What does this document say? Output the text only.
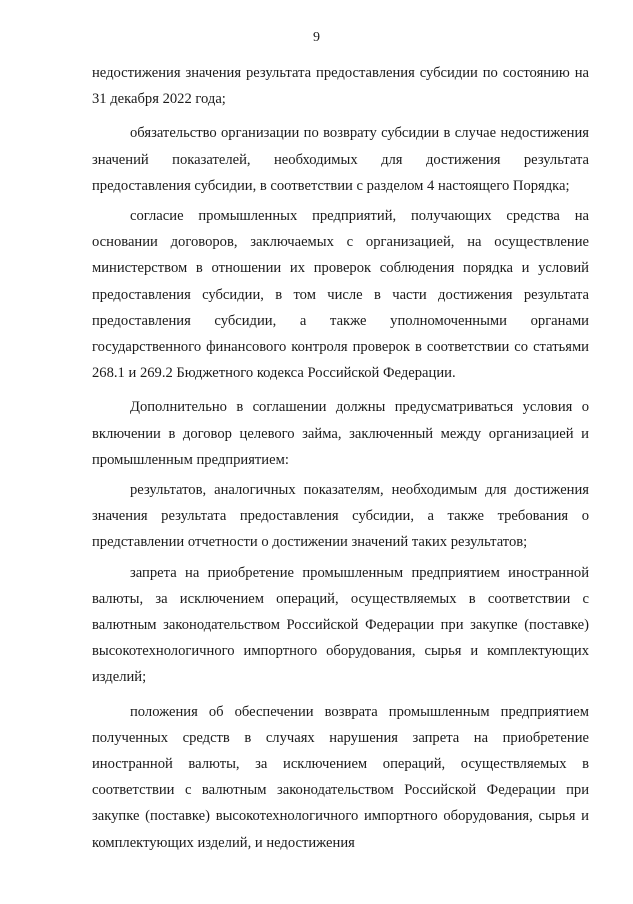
9

недостижения значения результата предоставления субсидии по состоянию на 31 декабря 2022 года;

обязательство организации по возврату субсидии в случае недостижения значений показателей, необходимых для достижения результата предоставления субсидии, в соответствии с разделом 4 настоящего Порядка;

согласие промышленных предприятий, получающих средства на основании договоров, заключаемых с организацией, на осуществление министерством в отношении их проверок соблюдения порядка и условий предоставления субсидии, в том числе в части достижения результата предоставления субсидии, а также уполномоченными органами государственного финансового контроля проверок в соответствии со статьями 268.1 и 269.2 Бюджетного кодекса Российской Федерации.

Дополнительно в соглашении должны предусматриваться условия о включении в договор целевого займа, заключенный между организацией и промышленным предприятием:

результатов, аналогичных показателям, необходимым для достижения значения результата предоставления субсидии, а также требования о представлении отчетности о достижении значений таких результатов;

запрета на приобретение промышленным предприятием иностранной валюты, за исключением операций, осуществляемых в соответствии с валютным законодательством Российской Федерации при закупке (поставке) высокотехнологичного импортного оборудования, сырья и комплектующих изделий;

положения об обеспечении возврата промышленным предприятием полученных средств в случаях нарушения запрета на приобретение иностранной валюты, за исключением операций, осуществляемых в соответствии с валютным законодательством Российской Федерации при закупке (поставке) высокотехнологичного импортного оборудования, сырья и комплектующих изделий, и недостижения
